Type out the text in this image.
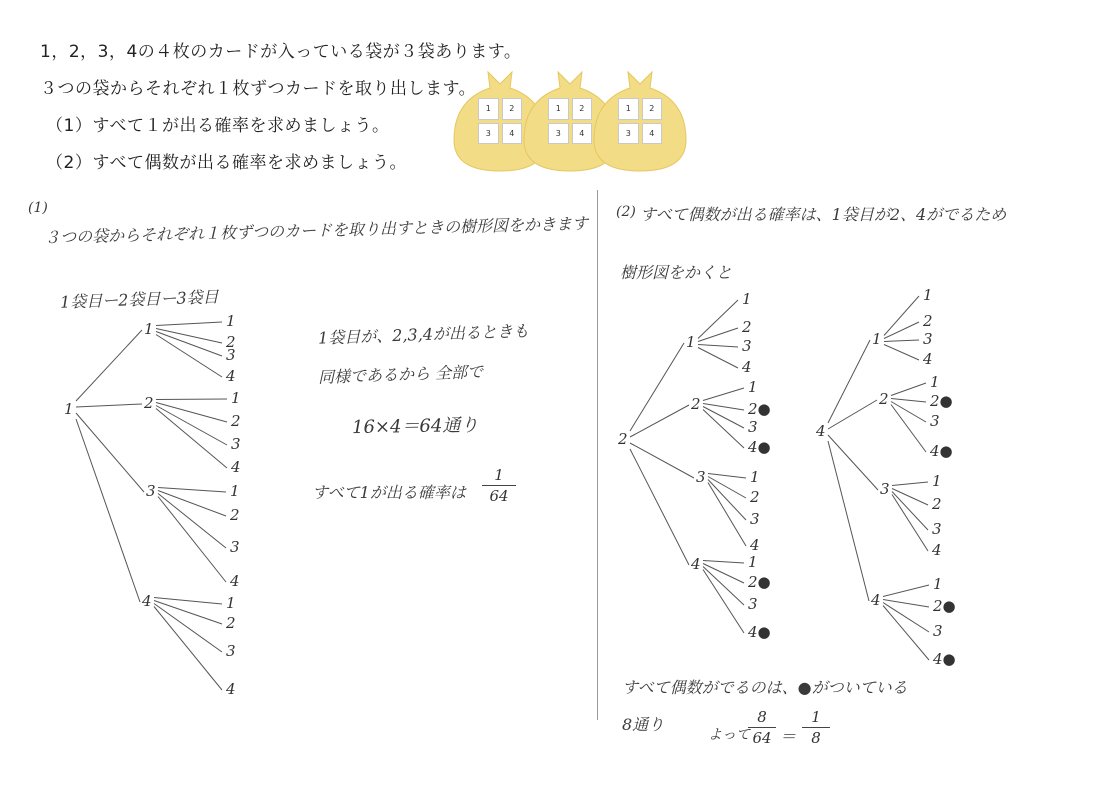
1，2，3，4の４枚のカードが入っている袋が３袋あります。
３つの袋からそれぞれ１枚ずつカードを取り出します。
（1）すべて１が出る確率を求めましょう。
（2）すべて偶数が出る確率を求めましょう。
1	2
3	4
1	2
3	4
1	2
3	4
(1)
３つの袋からそれぞれ１枚ずつのカードを取り出すときの樹形図をかきます
1袋目ー2袋目ー3袋目
1袋目が、2,3,4が出るときも
同様であるから 全部で
16×4＝64通り
すべて1が出る確率は
1
64
(2) すべて偶数が出る確率は、1袋目が2、4がでるため
樹形図をかくと
すべて偶数がでるのは、●がついている
8通り
よって
8
64 ＝
1
8
1
1	1
2
3
4
2	1
2
3
4
3	1
2
3
4
4	1
2
3
4
2
1
1
2
3
4
2
1
2●
3
4●
3	1
2
3
4
4	1
2●
3
4●
4
1
1
2
3
4
2
1
2●
3
4●
3	1
2
3
4
4
1
2●
3
4●
